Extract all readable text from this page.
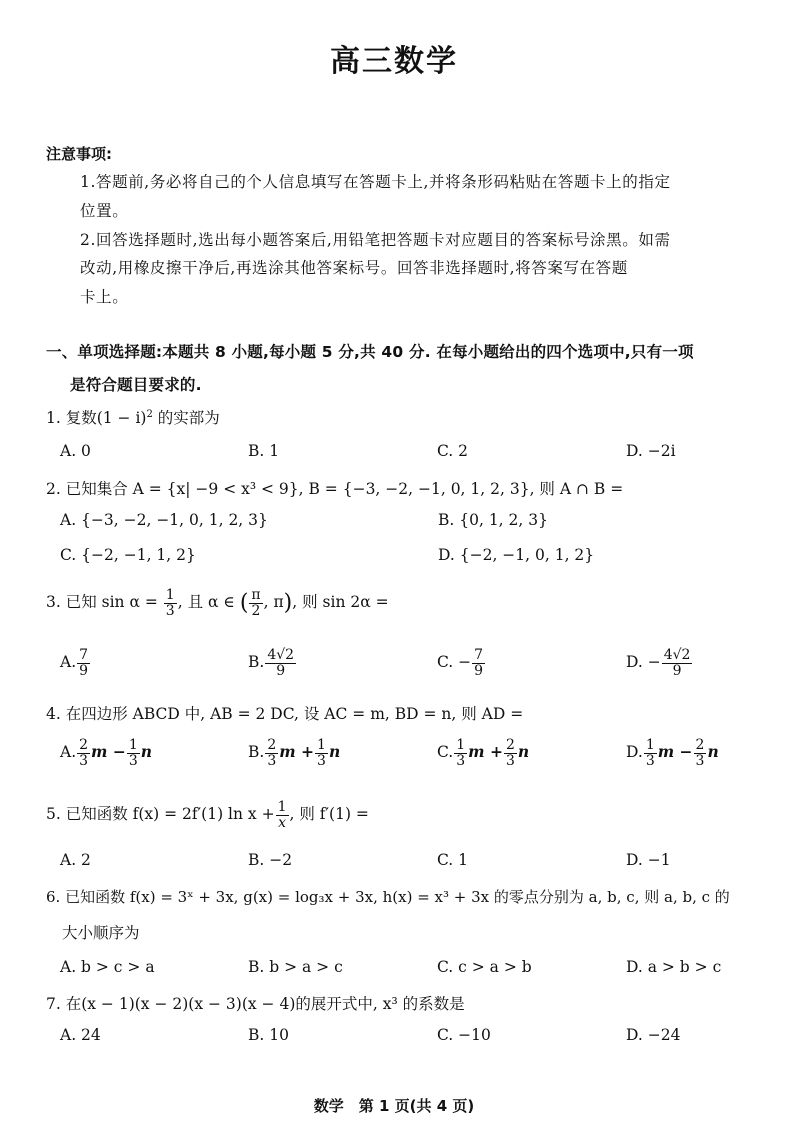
高三数学
注意事项:
1.答题前,务必将自己的个人信息填写在答题卡上,并将条形码粘贴在答题卡上的指定
位置。
2.回答选择题时,选出每小题答案后,用铅笔把答题卡对应题目的答案标号涂黑。如需
改动,用橡皮擦干净后,再选涂其他答案标号。回答非选择题时,将答案写在答题
卡上。
一、单项选择题:本题共 8 小题,每小题 5 分,共 40 分. 在每小题给出的四个选项中,只有一项
是符合题目要求的.
1. 复数$(1 - i)^2$ 的实部为
A. 0	B. 1	C. 2	D. −2i
2. 已知集合 A = {x| −9 < x³ < 9}, B = {−3, −2, −1, 0, 1, 2, 3}, 则 A ∩ B =
A. {−3, −2, −1, 0, 1, 2, 3}	B. {0, 1, 2, 3}
C. {−2, −1, 1, 2}	D. {−2, −1, 0, 1, 2}
3. 已知 $\sin \alpha = \frac{1}{3}$ , 且 α ∈ ( $\frac{\pi}{2}$ , π), 则 sin 2α =
A. $\frac{7}{9}$	B. $\frac{4√2}{9}$	C. − $\frac{7}{9}$	D. − $\frac{4√2}{9}$
4. 在四边形 ABCD 中, AB = 2 DC, 设 AC = m, BD = n, 则 AD =
A. $\frac{2}{3}$ $m - \frac{1}{3}$ n	B. $\frac{2}{3}$ $m + \frac{1}{3}$ n	C. $\frac{1}{3}$ $m + \frac{2}{3}$ n	D. $\frac{1}{3}$ $m - \frac{2}{3}$ n
5. 已知函数 f(x) = 2f′(1) $\ln x + \frac{1}{x}$ , 则 f′(1) =
A. 2	B. −2	C. 1	D. −1
6. 已知函数 f(x) = 3ˣ + 3x, g(x) = log₃x + 3x, h(x) = x³ + 3x 的零点分别为 a, b, c, 则 a, b, c 的
大小顺序为
A. b > c > a	B. b > a > c	C. c > a > b	D. a > b > c
7. 在(x − 1)(x − 2)(x − 3)(x − 4)的展开式中, x³ 的系数是
A. 24	B. 10	C. −10	D. −24
数学　第 1 页(共 4 页)
